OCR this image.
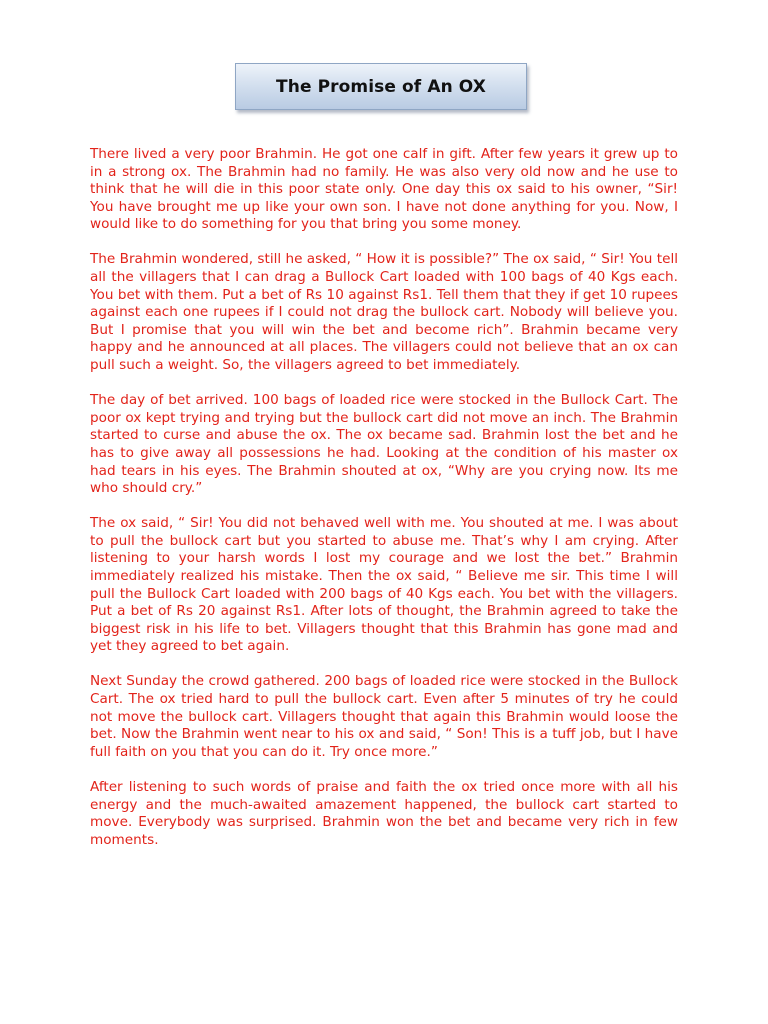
The Promise of An OX

There lived a very poor Brahmin. He got one calf in gift. After few years it grew up to in a strong ox. The Brahmin had no family. He was also very old now and he use to think that he will die in this poor state only. One day this ox said to his owner, “Sir! You have brought me up like your own son. I have not done anything for you. Now, I would like to do something for you that bring you some money.

The Brahmin wondered, still he asked, “ How it is possible?” The ox said, “ Sir! You tell all the villagers that I can drag a Bullock Cart loaded with 100 bags of 40 Kgs each. You bet with them. Put a bet of Rs 10 against Rs1. Tell them that they if get 10 rupees against each one rupees if I could not drag the bullock cart. Nobody will believe you. But I promise that you will win the bet and become rich”. Brahmin became very happy and he announced at all places. The villagers could not believe that an ox can pull such a weight. So, the villagers agreed to bet immediately.

The day of bet arrived. 100 bags of loaded rice were stocked in the Bullock Cart. The poor ox kept trying and trying but the bullock cart did not move an inch. The Brahmin started to curse and abuse the ox. The ox became sad. Brahmin lost the bet and he has to give away all possessions he had. Looking at the condition of his master ox had tears in his eyes. The Brahmin shouted at ox, “Why are you crying now. Its me who should cry.”

The ox said, “ Sir! You did not behaved well with me. You shouted at me. I was about to pull the bullock cart but you started to abuse me. That’s why I am crying. After listening to your harsh words I lost my courage and we lost the bet.” Brahmin immediately realized his mistake. Then the ox said, “ Believe me sir. This time I will pull the Bullock Cart loaded with 200 bags of 40 Kgs each. You bet with the villagers. Put a bet of Rs 20 against Rs1. After lots of thought, the Brahmin agreed to take the biggest risk in his life to bet. Villagers thought that this Brahmin has gone mad and yet they agreed to bet again.

Next Sunday the crowd gathered. 200 bags of loaded rice were stocked in the Bullock Cart. The ox tried hard to pull the bullock cart. Even after 5 minutes of try he could not move the bullock cart. Villagers thought that again this Brahmin would loose the bet. Now the Brahmin went near to his ox and said, “ Son! This is a tuff job, but I have full faith on you that you can do it. Try once more.”

After listening to such words of praise and faith the ox tried once more with all his energy and the much-awaited amazement happened, the bullock cart started to move. Everybody was surprised. Brahmin won the bet and became very rich in few moments.
